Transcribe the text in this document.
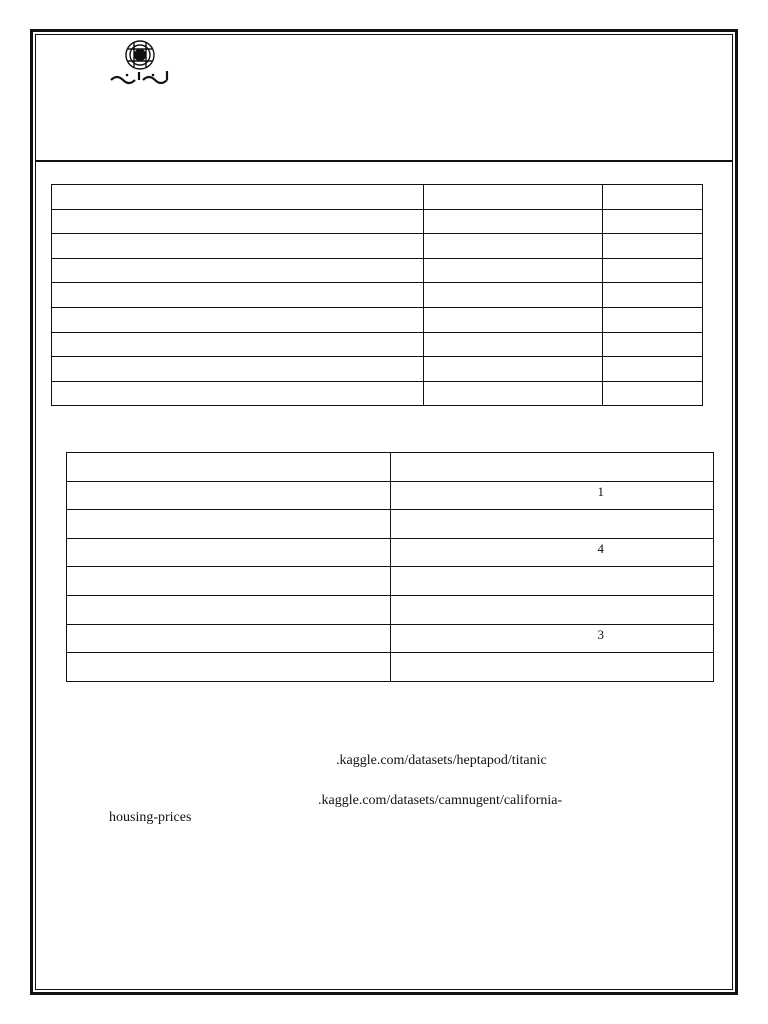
	1

	4

	3

.kaggle.com/datasets/heptapod/titanic
.kaggle.com/datasets/camnugent/california-
housing-prices
